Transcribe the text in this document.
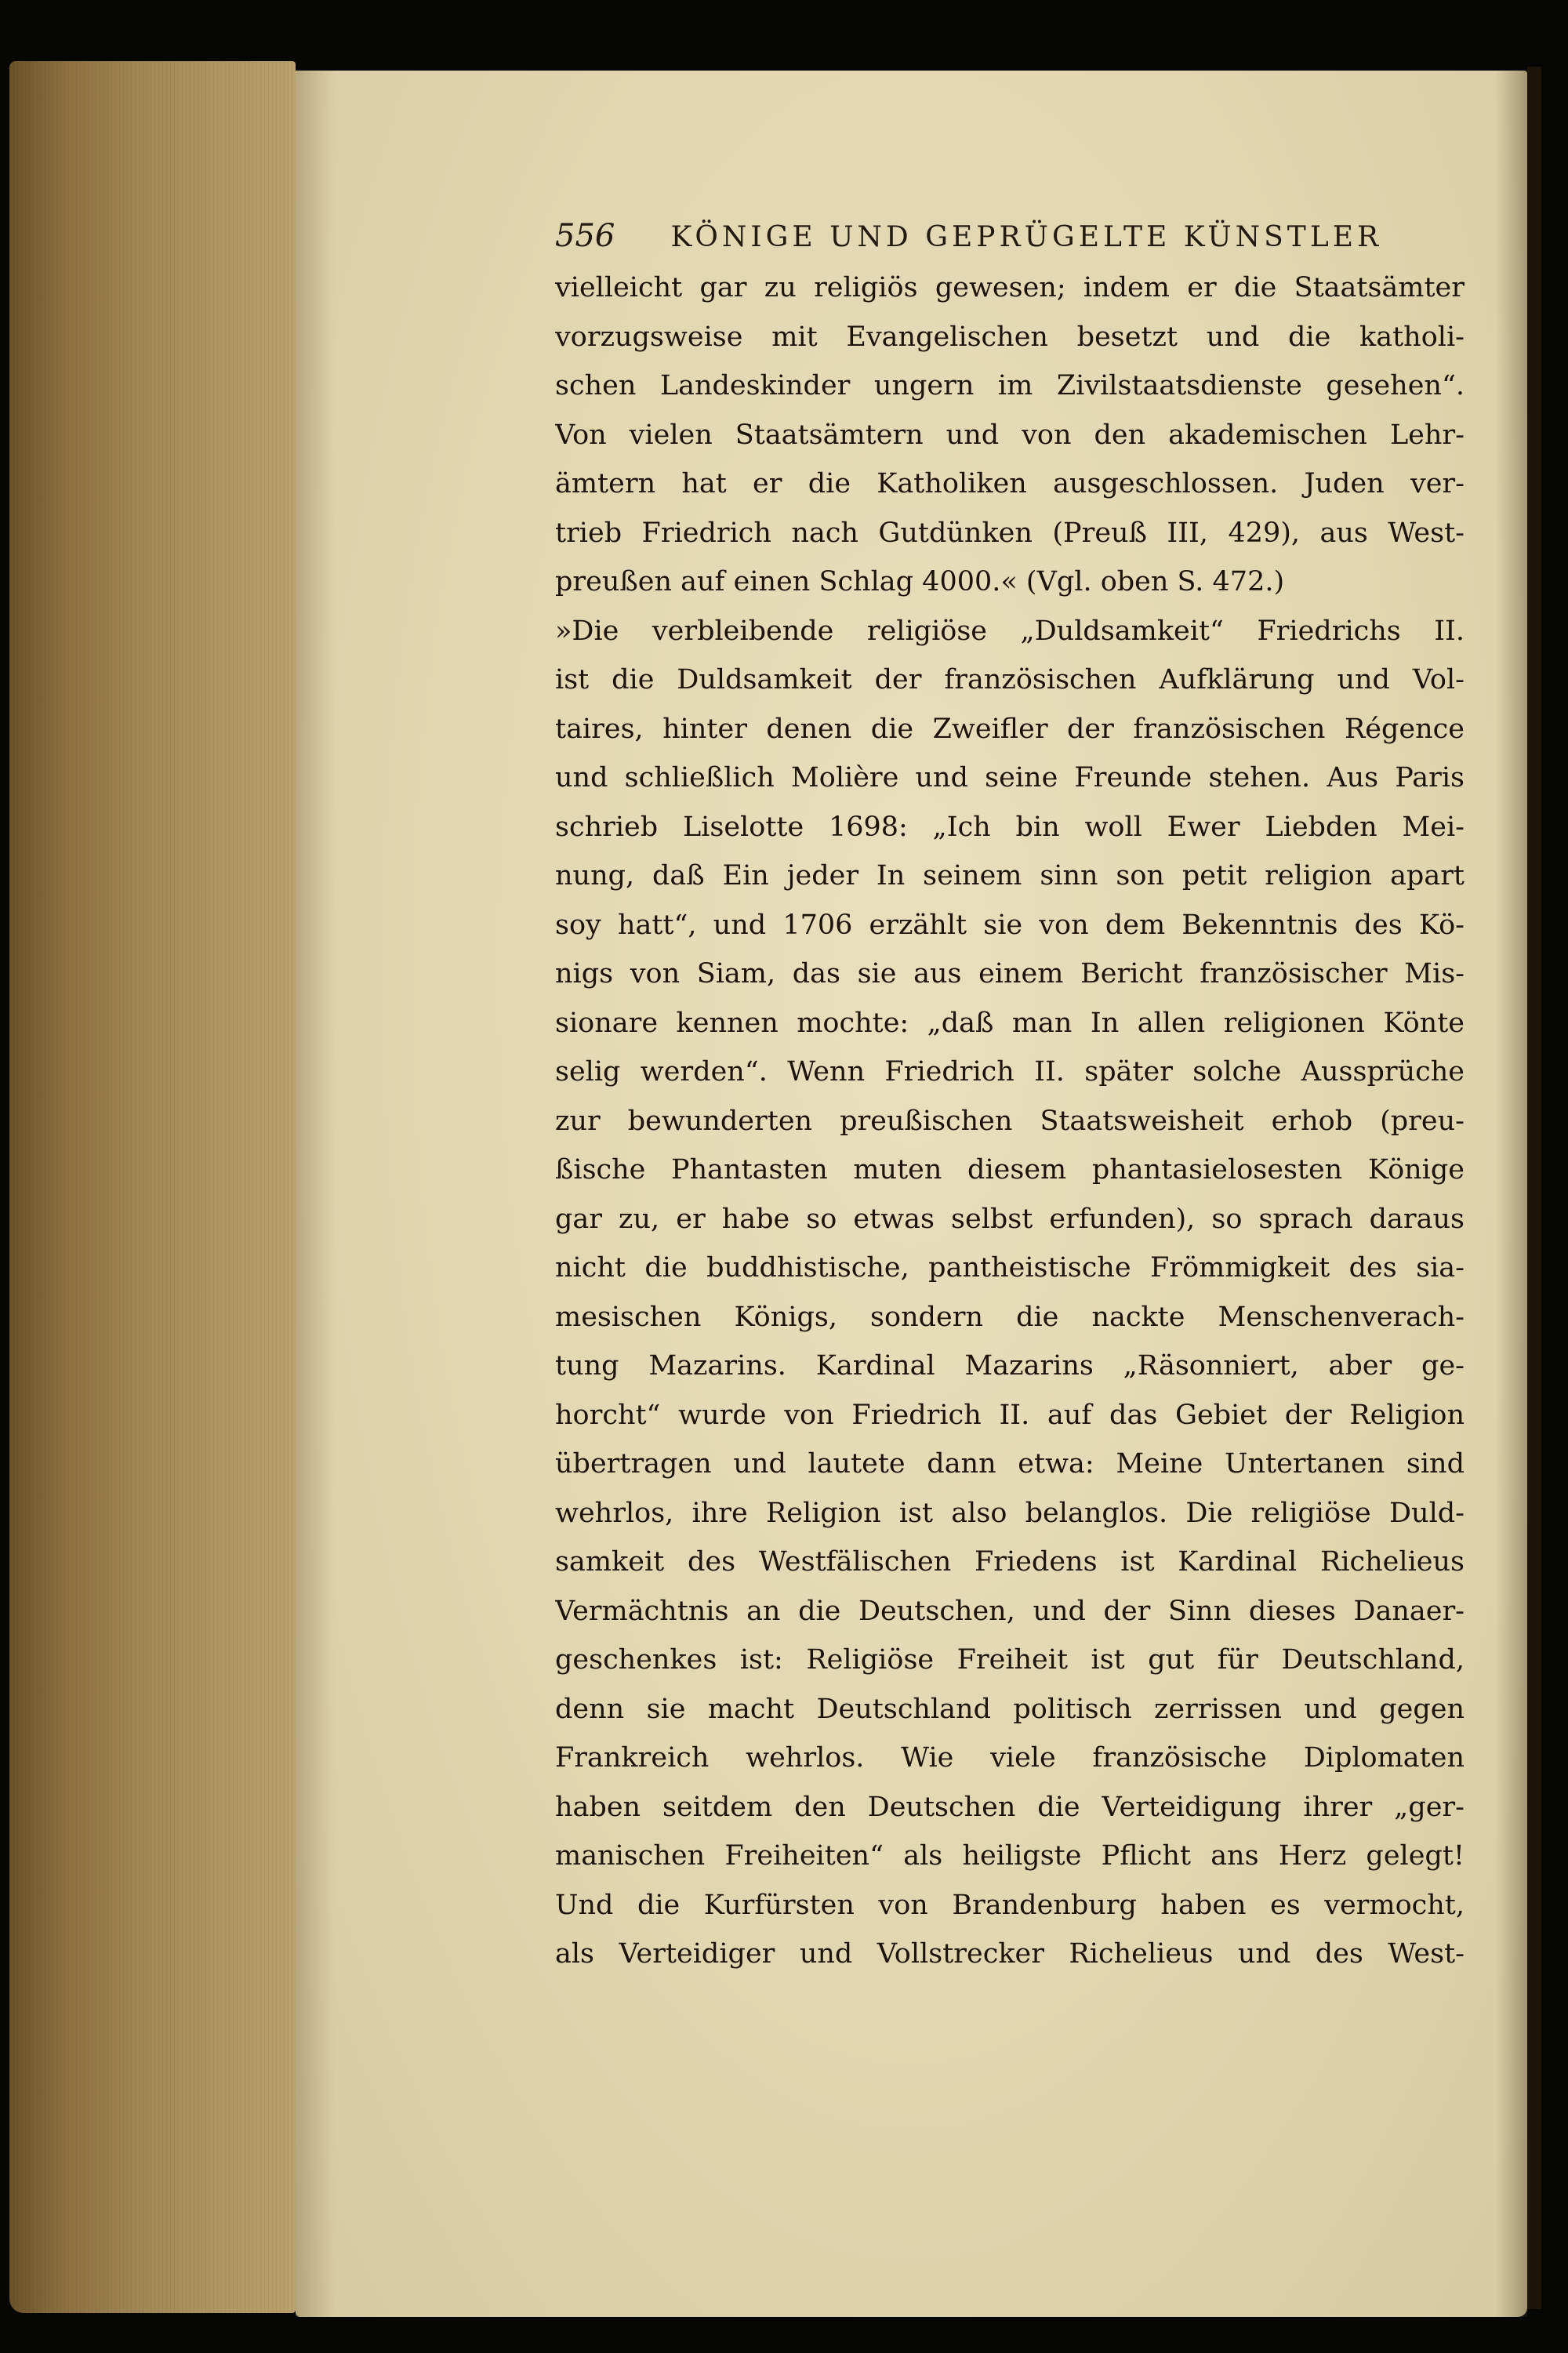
556 KÖNIGE UND GEPRÜGELTE KÜNSTLER
vielleicht gar zu religiös gewesen; indem er die Staatsämter
vorzugsweise mit Evangelischen besetzt und die katholi-
schen Landeskinder ungern im Zivilstaatsdienste gesehen“.
Von vielen Staatsämtern und von den akademischen Lehr-
ämtern hat er die Katholiken ausgeschlossen. Juden ver-
trieb Friedrich nach Gutdünken (Preuß III, 429), aus West-
preußen auf einen Schlag 4000.« (Vgl. oben S. 472.)
»Die verbleibende religiöse „Duldsamkeit“ Friedrichs II.
ist die Duldsamkeit der französischen Aufklärung und Vol-
taires, hinter denen die Zweifler der französischen Régence
und schließlich Molière und seine Freunde stehen. Aus Paris
schrieb Liselotte 1698: „Ich bin woll Ewer Liebden Mei-
nung, daß Ein jeder In seinem sinn son petit religion apart
soy hatt“, und 1706 erzählt sie von dem Bekenntnis des Kö-
nigs von Siam, das sie aus einem Bericht französischer Mis-
sionare kennen mochte: „daß man In allen religionen Könte
selig werden“. Wenn Friedrich II. später solche Aussprüche
zur bewunderten preußischen Staatsweisheit erhob (preu-
ßische Phantasten muten diesem phantasielosesten Könige
gar zu, er habe so etwas selbst erfunden), so sprach daraus
nicht die buddhistische, pantheistische Frömmigkeit des sia-
mesischen Königs, sondern die nackte Menschenverach-
tung Mazarins. Kardinal Mazarins „Räsonniert, aber ge-
horcht“ wurde von Friedrich II. auf das Gebiet der Religion
übertragen und lautete dann etwa: Meine Untertanen sind
wehrlos, ihre Religion ist also belanglos. Die religiöse Duld-
samkeit des Westfälischen Friedens ist Kardinal Richelieus
Vermächtnis an die Deutschen, und der Sinn dieses Danaer-
geschenkes ist: Religiöse Freiheit ist gut für Deutschland,
denn sie macht Deutschland politisch zerrissen und gegen
Frankreich wehrlos. Wie viele französische Diplomaten
haben seitdem den Deutschen die Verteidigung ihrer „ger-
manischen Freiheiten“ als heiligste Pflicht ans Herz gelegt!
Und die Kurfürsten von Brandenburg haben es vermocht,
als Verteidiger und Vollstrecker Richelieus und des West-
